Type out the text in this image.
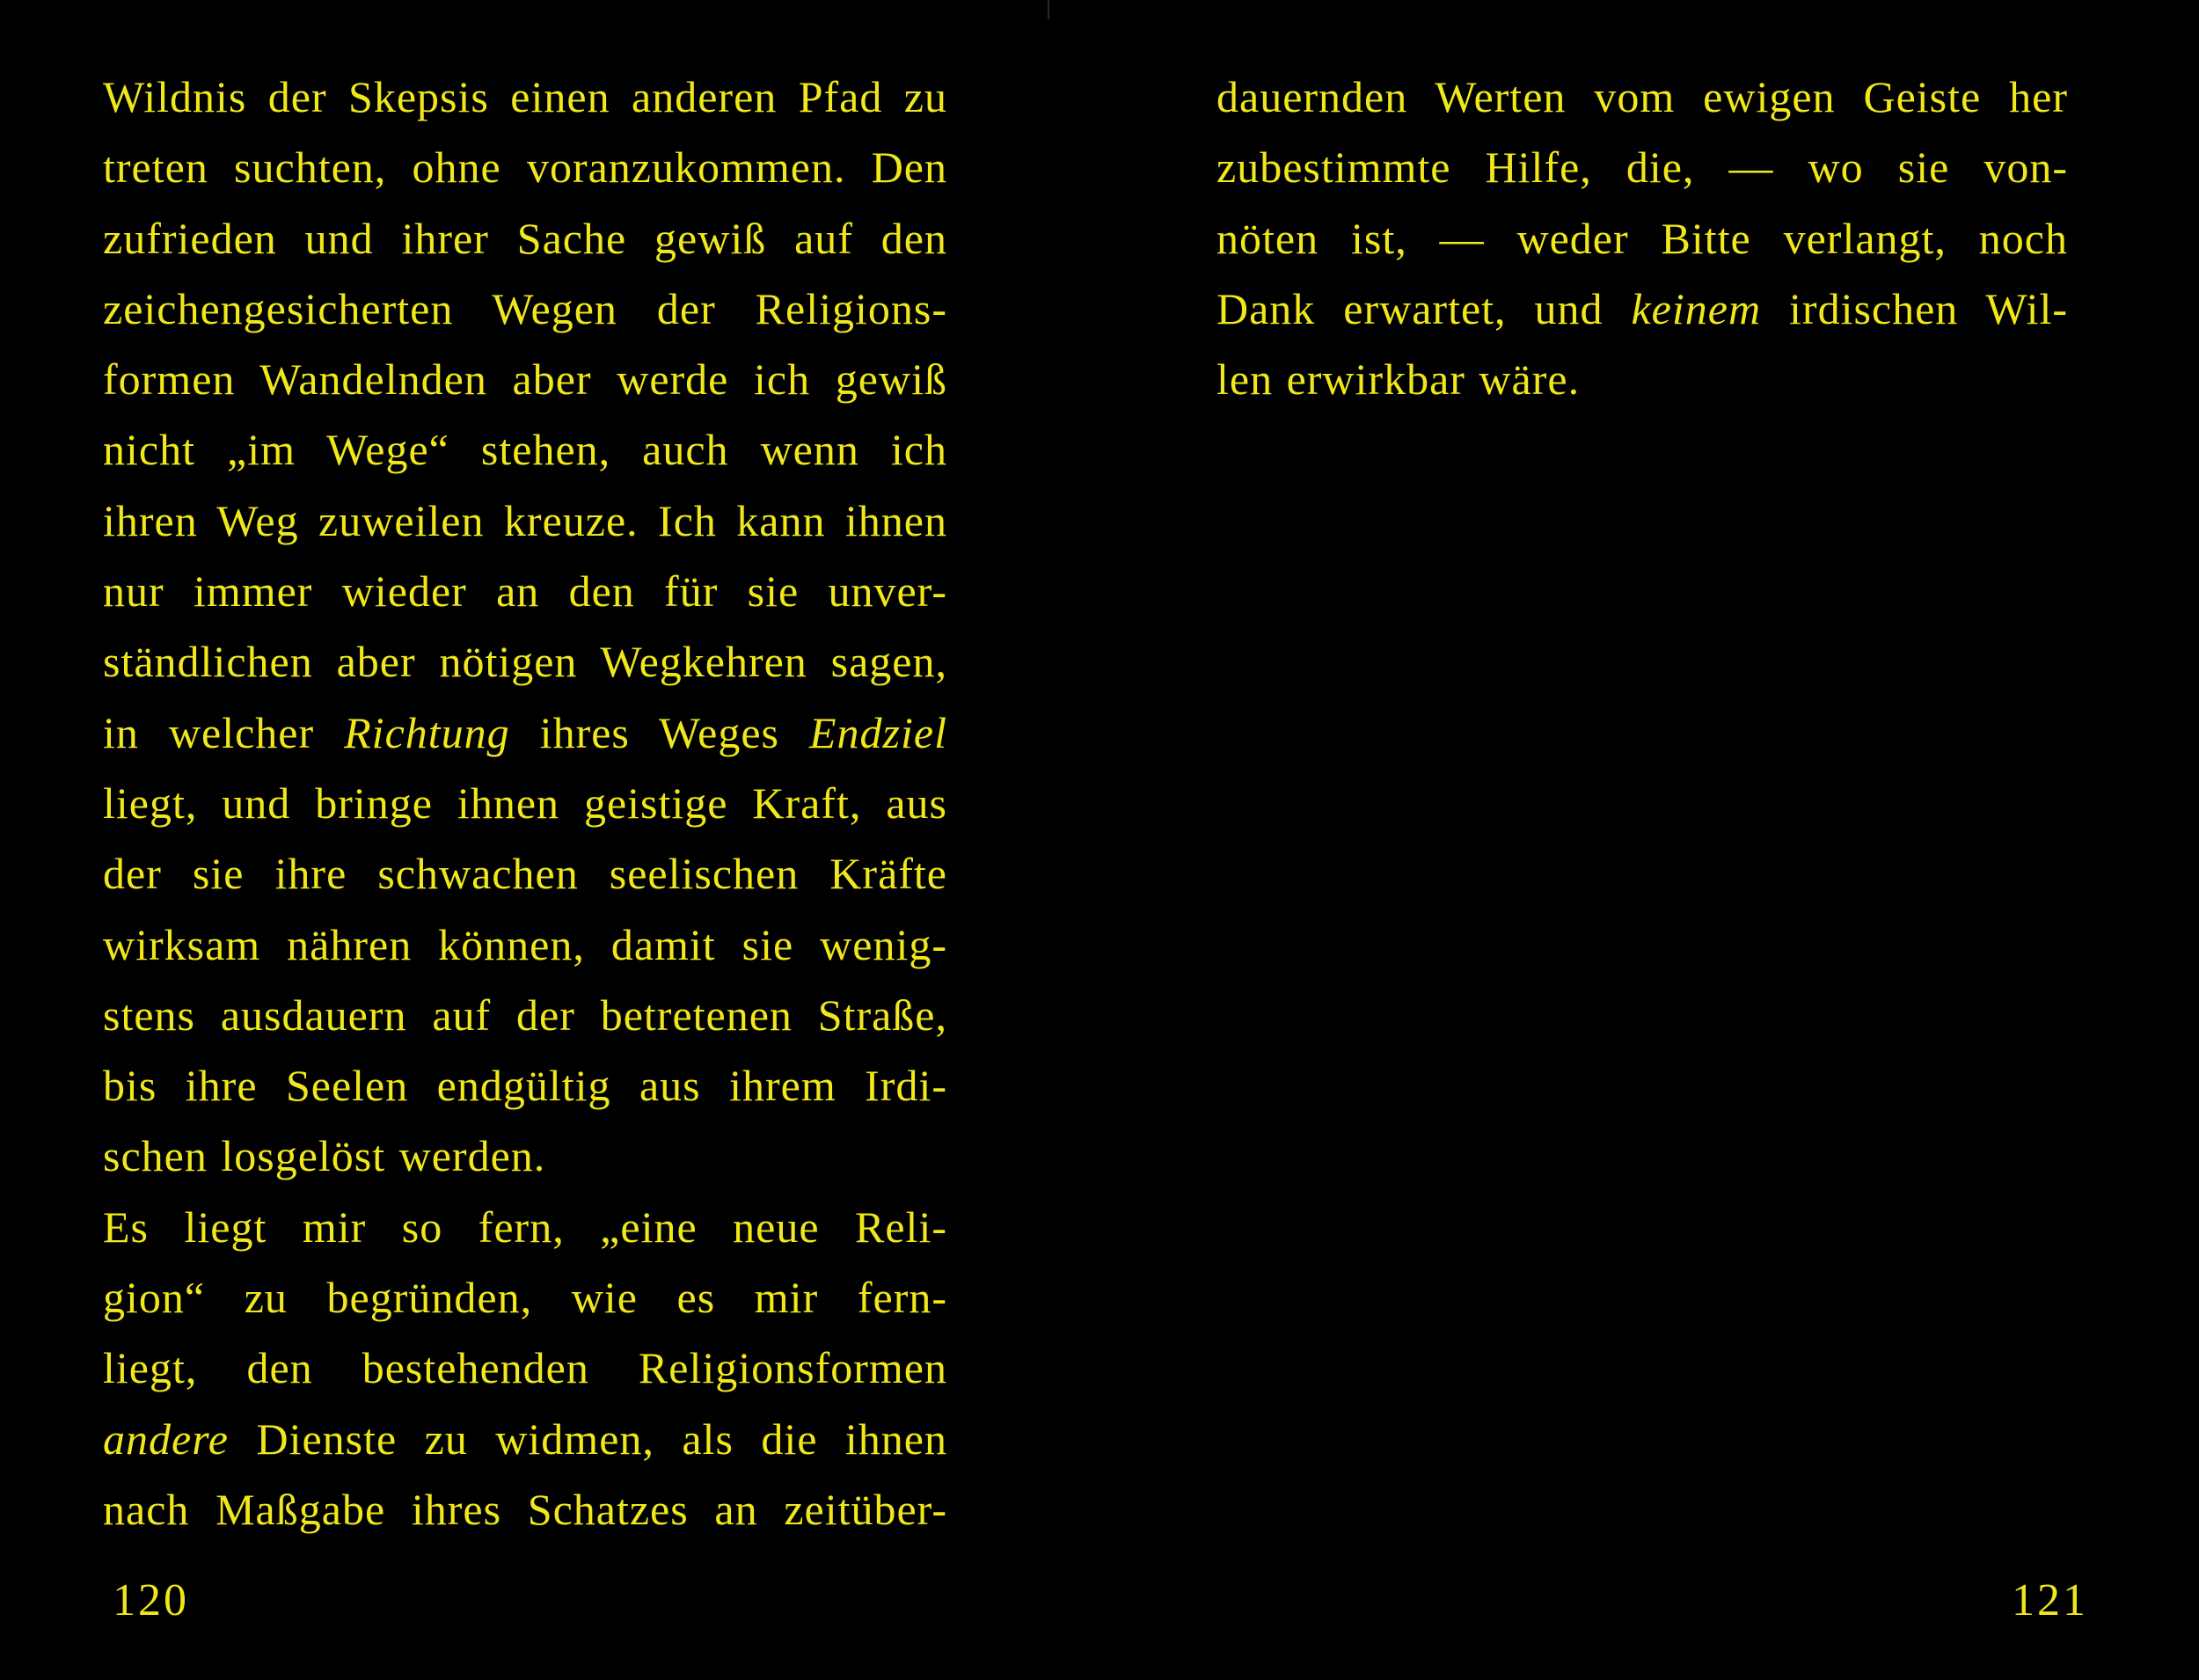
Wildnis der Skepsis einen anderen Pfad zu
treten suchten, ohne voranzukommen. Den
zufrieden und ihrer Sache gewiß auf den
zeichengesicherten Wegen der Religions-
formen Wandelnden aber werde ich gewiß
nicht „im Wege“ stehen, auch wenn ich
ihren Weg zuweilen kreuze. Ich kann ihnen
nur immer wieder an den für sie unver-
ständlichen aber nötigen Wegkehren sagen,
in welcher Richtung ihres Weges Endziel
liegt, und bringe ihnen geistige Kraft, aus
der sie ihre schwachen seelischen Kräfte
wirksam nähren können, damit sie wenig-
stens ausdauern auf der betretenen Straße,
bis ihre Seelen endgültig aus ihrem Irdi-
schen losgelöst werden.
Es liegt mir so fern, „eine neue Reli-
gion“ zu begründen, wie es mir fern-
liegt, den bestehenden Religionsformen
andere Dienste zu widmen, als die ihnen
nach Maßgabe ihres Schatzes an zeitüber-
120
dauernden Werten vom ewigen Geiste her
zubestimmte Hilfe, die, — wo sie von-
nöten ist, — weder Bitte verlangt, noch
Dank erwartet, und keinem irdischen Wil-
len erwirkbar wäre.
121
